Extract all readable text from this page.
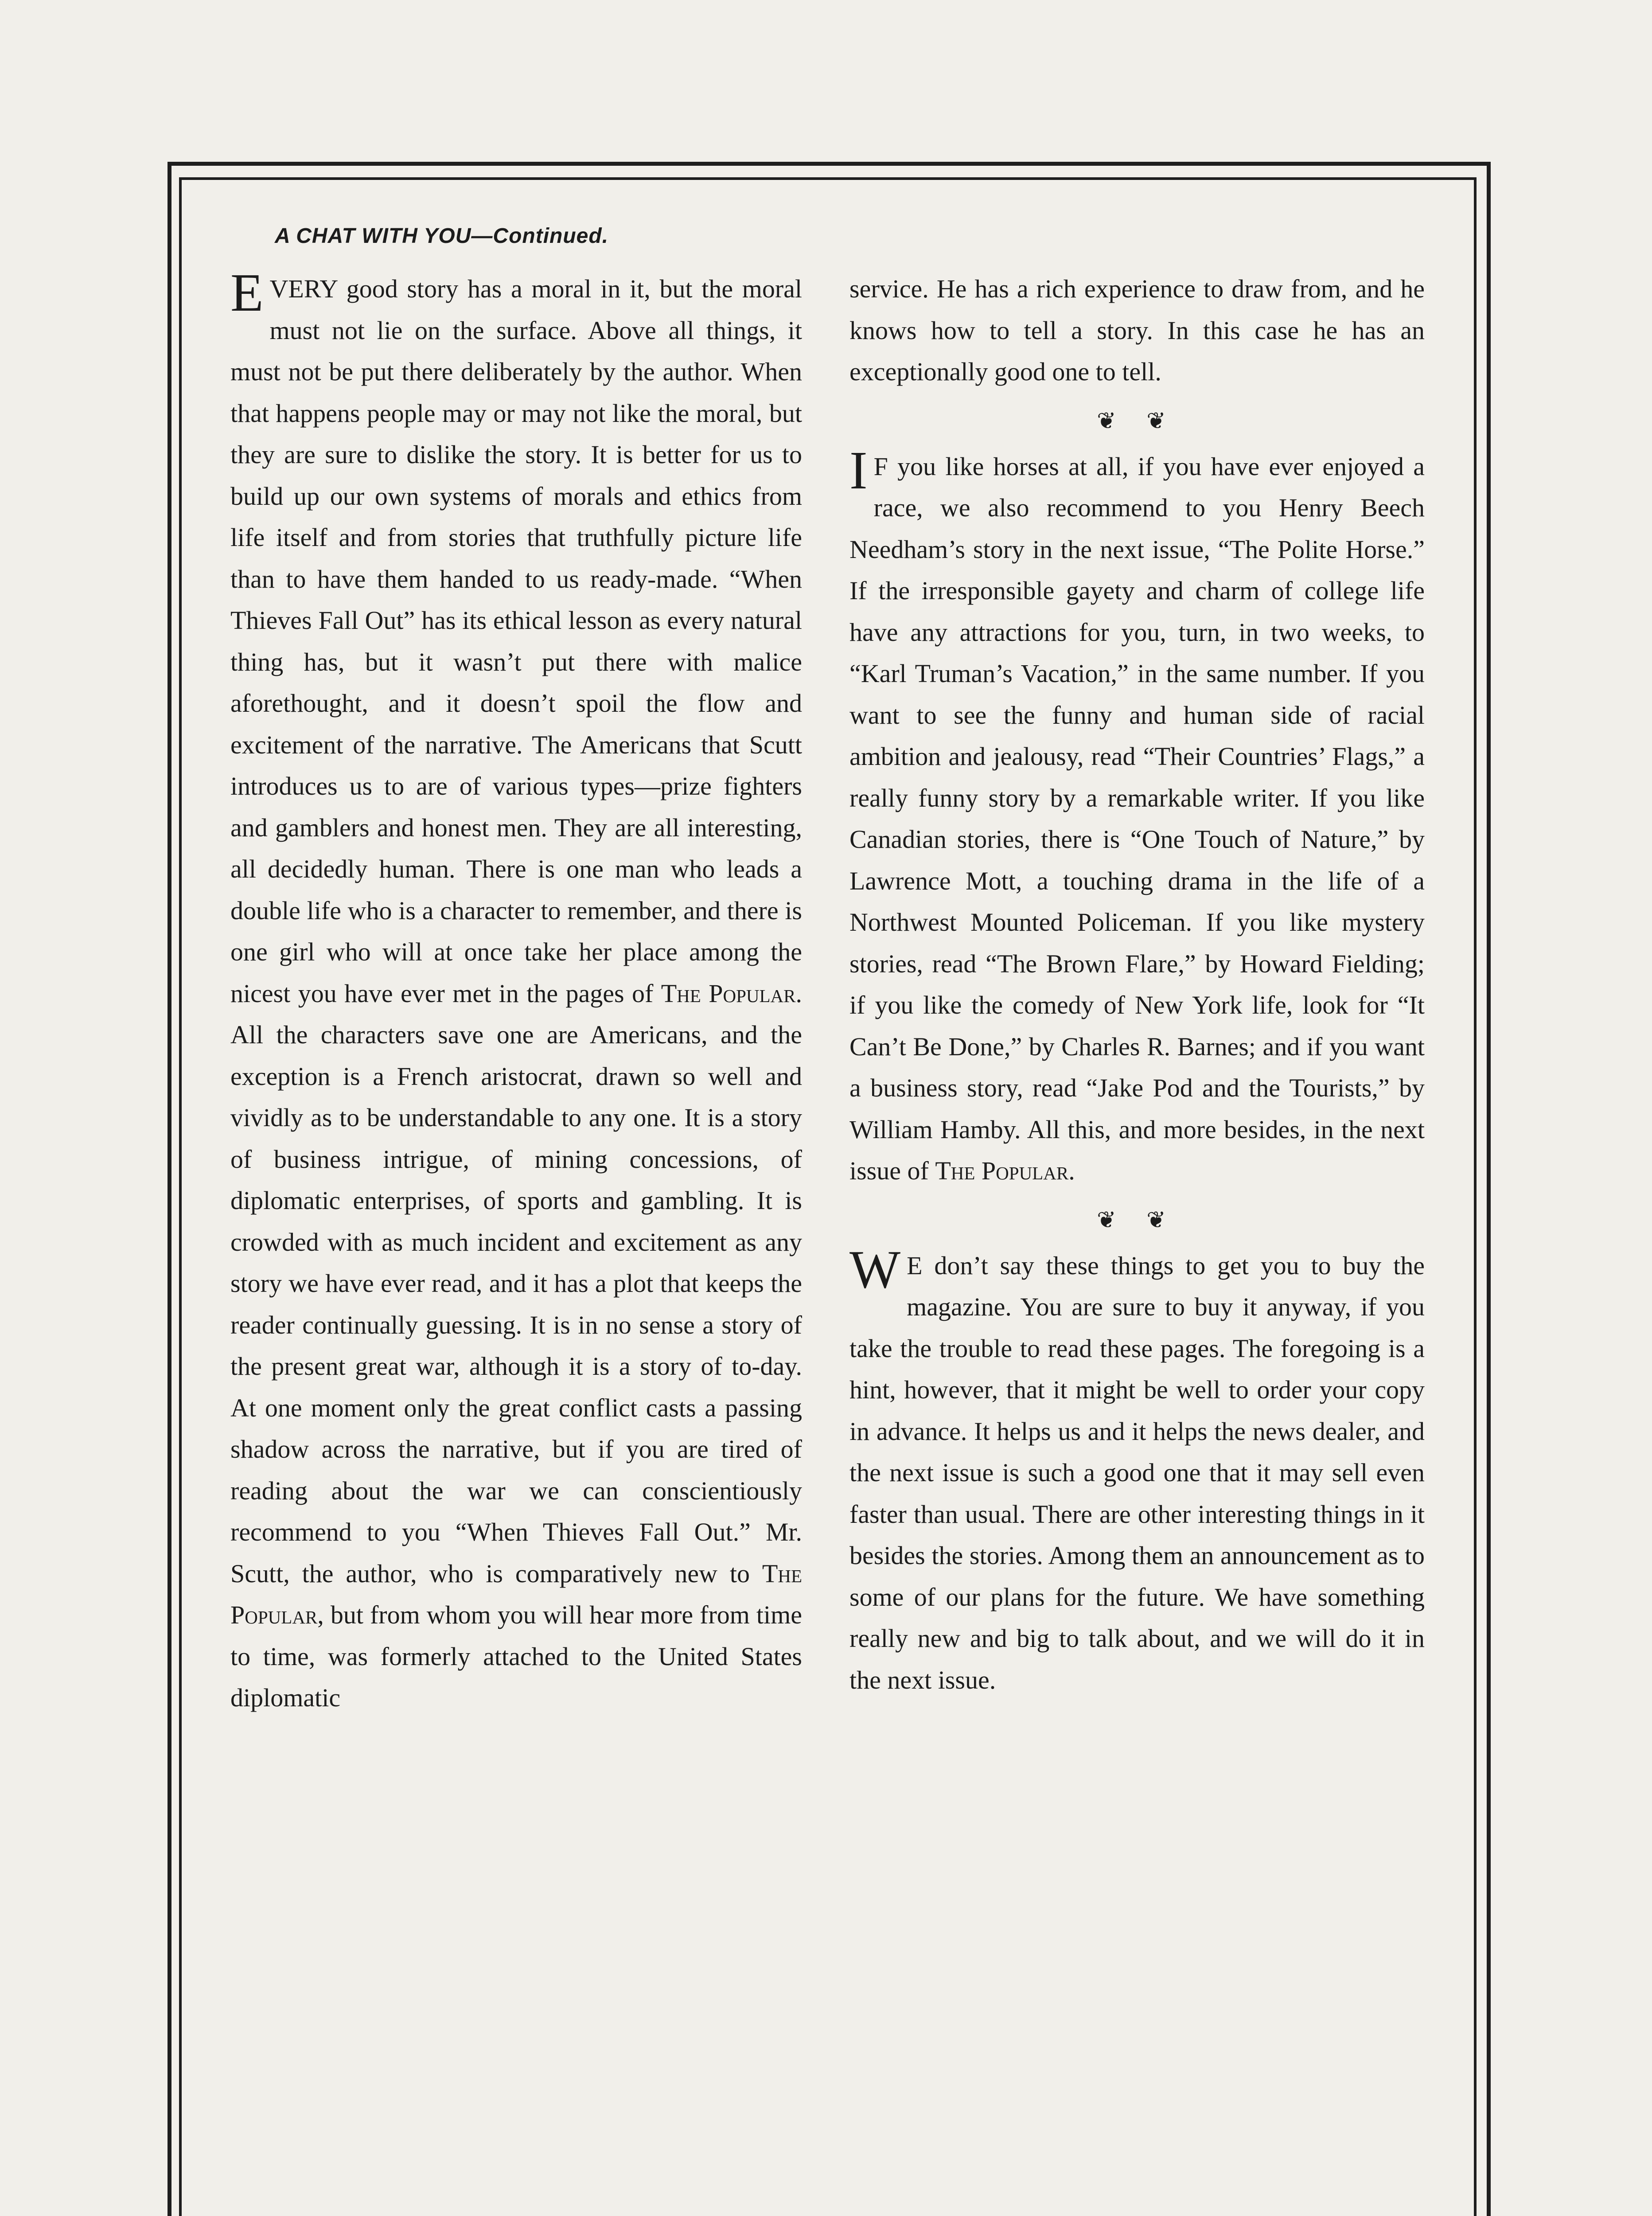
A CHAT WITH YOU—Continued.

EVERY good story has a moral in it, but the moral must not lie on the surface. Above all things, it must not be put there deliberately by the author. When that happens people may or may not like the moral, but they are sure to dislike the story. It is better for us to build up our own systems of morals and ethics from life itself and from stories that truthfully picture life than to have them handed to us ready-made. “When Thieves Fall Out” has its ethical lesson as every natural thing has, but it wasn’t put there with malice aforethought, and it doesn’t spoil the flow and excitement of the narrative. The Americans that Scutt introduces us to are of various types—prize fighters and gamblers and honest men. They are all interesting, all decidedly human. There is one man who leads a double life who is a character to remember, and there is one girl who will at once take her place among the nicest you have ever met in the pages of The Popular. All the characters save one are Americans, and the exception is a French aristocrat, drawn so well and vividly as to be understandable to any one. It is a story of business intrigue, of mining concessions, of diplomatic enterprises, of sports and gambling. It is crowded with as much incident and excitement as any story we have ever read, and it has a plot that keeps the reader continually guessing. It is in no sense a story of the present great war, although it is a story of to-day. At one moment only the great conflict casts a passing shadow across the narrative, but if you are tired of reading about the war we can conscientiously recommend to you “When Thieves Fall Out.” Mr. Scutt, the author, who is comparatively new to The Popular, but from whom you will hear more from time to time, was formerly attached to the United States diplomatic

service. He has a rich experience to draw from, and he knows how to tell a story. In this case he has an exceptionally good one to tell.

❦ ❦

I F you like horses at all, if you have ever enjoyed a race, we also recommend to you Henry Beech Needham’s story in the next issue, “The Polite Horse.” If the irresponsible gayety and charm of college life have any attractions for you, turn, in two weeks, to “Karl Truman’s Vacation,” in the same number. If you want to see the funny and human side of racial ambition and jealousy, read “Their Countries’ Flags,” a really funny story by a remarkable writer. If you like Canadian stories, there is “One Touch of Nature,” by Lawrence Mott, a touching drama in the life of a Northwest Mounted Policeman. If you like mystery stories, read “The Brown Flare,” by Howard Fielding; if you like the comedy of New York life, look for “It Can’t Be Done,” by Charles R. Barnes; and if you want a business story, read “Jake Pod and the Tourists,” by William Hamby. All this, and more besides, in the next issue of The Popular.

❦ ❦

W E don’t say these things to get you to buy the magazine. You are sure to buy it anyway, if you take the trouble to read these pages. The foregoing is a hint, however, that it might be well to order your copy in advance. It helps us and it helps the news dealer, and the next issue is such a good one that it may sell even faster than usual. There are other interesting things in it besides the stories. Among them an announcement as to some of our plans for the future. We have something really new and big to talk about, and we will do it in the next issue.
